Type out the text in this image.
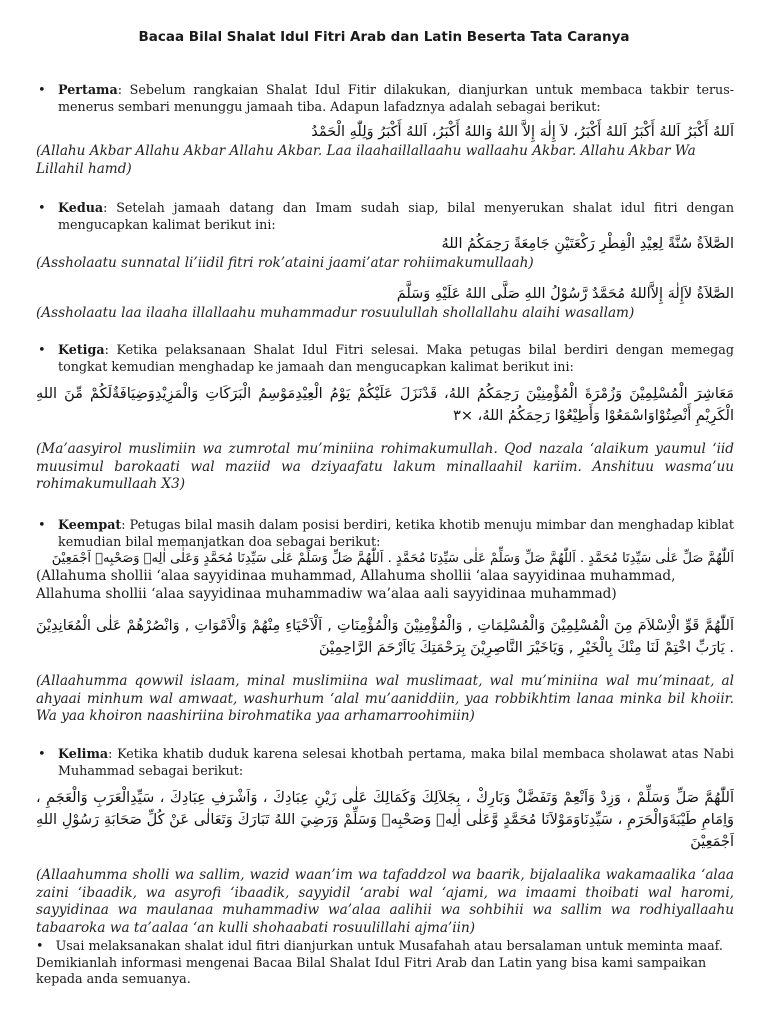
Bacaa Bilal Shalat Idul Fitri Arab dan Latin Beserta Tata Caranya
• Pertama: Sebelum rangkaian Shalat Idul Fitir dilakukan, dianjurkan untuk membaca takbir terus-menerus sembari menunggu jamaah tiba. Adapun lafadznya adalah sebagai berikut:

اَللهُ أَكْبَرُ اَللهُ أَكْبَرُ اَللهُ أَكْبَرُ، لاَ إِلٰهَ إِلاَّ اللهُ وَاللهُ أَكْبَرُ، اَللهُ أَكْبَرُ وَلِلّٰهِ الْحَمْدُ

(Allahu Akbar Allahu Akbar Allahu Akbar. Laa ilaahaillallaahu wallaahu Akbar. Allahu Akbar Wa Lillahil hamd)

• Kedua: Setelah jamaah datang dan Imam sudah siap, bilal menyerukan shalat idul fitri dengan mengucapkan kalimat berikut ini:

الصَّلاَةُ سُنَّةً لِعِيْدِ الْفِطْرِ رَكْعَتَيْنِ جَامِعَةً رَحِمَكُمُ اللهُ

(Assholaatu sunnatal li’iidil fitri rok’ataini jaami’atar rohiimakumullaah)

الصَّلاَةُ لاَإِلٰهَ إِلاَّاللهُ مُحَمَّدٌ رَّسُوْلُ اللهِ صَلَّى اللهُ عَلَيْهِ وَسَلَّمَ

(Assholaatu laa ilaaha illallaahu muhammadur rosuulullah shollallahu alaihi wasallam)

• Ketiga: Ketika pelaksanaan Shalat Idul Fitri selesai. Maka petugas bilal berdiri dengan memegag tongkat kemudian menghadap ke jamaah dan mengucapkan kalimat berikut ini:

مَعَاشِرَ الْمُسْلِمِيْنَ وَزُمْرَةَ الْمُؤْمِنِيْنَ رَحِمَكُمُ اللهُ، قَدْنَزَلَ عَلَيْكُمْ يَوْمُ الْعِيْدِمَوْسِمُ الْبَرَكَاتِ وَالْمَزِيْدِوَضِيَافَةٌلَكُمْ مِّنَ اللهِ الْكَرِيْمِ أَنْصِتُوْاوَاسْمَعُوْا وَأَطِيْعُوْا رَحِمَكُمُ اللهُ، ×٣

(Ma’aasyirol muslimiin wa zumrotal mu’miniina rohimakumullah. Qod nazala ‘alaikum yaumul ‘iid muusimul barokaati wal maziid wa dziyaafatu lakum minallaahil kariim. Anshituu wasma’uu rohimakumullaah X3)

• Keempat: Petugas bilal masih dalam posisi berdiri, ketika khotib menuju mimbar dan menghadap kiblat kemudian bilal memanjatkan doa sebagai berikut:

اَللّٰهُمَّ صَلِّ عَلٰى سَيِّدِنَا مُحَمَّدٍ . اَللّٰهُمَّ صَلِّ وَسَلِّمْ عَلٰى سَيِّدِنَا مُحَمَّدٍ . اَللّٰهُمَّ صَلِّ وَسَلِّمْ عَلٰى سَيِّدِنَا مُحَمَّدٍ وَعَلٰى اٰلِهٖ وَصَحْبِهٖ اَجْمَعِيْنَ

(Allahuma shollii ‘alaa sayyidinaa muhammad, Allahuma shollii ‘alaa sayyidinaa muhammad, Allahuma shollii ‘alaa sayyidinaa muhammadiw wa’alaa aali sayyidinaa muhammad)

اَللّٰهُمَّ قَوِّ الْاِسْلاَمَ مِنَ الْمُسْلِمِيْنَ وَالْمُسْلِمَاتِ , وَالْمُؤْمِنِيْنَ وَالْمُؤْمِنَاتِ , اَلْاَحْيَاءِ مِنْهُمْ وَالْاَمْوَاتِ , وَانْصُرْهُمْ عَلٰى الْمُعَانِدِيْنَ . يَارَبِّ اخْتِمْ لَنَا مِنْكَ بِالْخَيْرِ , وَيَاخَيْرَ النَّاصِرِيْنَ بِرَحْمَتِكَ يَااَرْحَمَ الرَّاحِمِيْنَ

(Allaahumma qowwil islaam, minal muslimiina wal muslimaat, wal mu’miniina wal mu’minaat, al ahyaai minhum wal amwaat, washurhum ‘alal mu’aaniddiin, yaa robbikhtim lanaa minka bil khoiir. Wa yaa khoiron naashiriina birohmatika yaa arhamarroohimiin)

• Kelima: Ketika khatib duduk karena selesai khotbah pertama, maka bilal membaca sholawat atas Nabi Muhammad sebagai berikut:

اَللّٰهُمَّ صَلِّ وَسَلِّمْ ، وَزِدْ وَاَنْعِمْ وَتَفَضَّلْ وَبَارِكْ ، بِجَلاَلِكَ وَكَمَالِكَ عَلٰى زَيْنِ عِبَادِكَ ، وَاَشْرَفِ عِبَادِكَ ، سَيِّدِالْعَرَبِ وَالْعَجَمِ ، وَاِمَامِ طَيْبَةَوَالْحَرَمِ ، سَيِّدِنَاوَمَوْلاَنَا مُحَمَّدٍ وَّعَلٰى اٰلِهٖ وَصَحْبِهٖ وَسَلِّمْ وَرَضِيَ اللهُ تَبَارَكَ وَتَعَالٰى عَنْ كُلِّ صَحَابَةِ رَسُوْلِ اللهِ اَجْمَعِيْنَ

(Allaahumma sholli wa sallim, wazid waan’im wa tafaddzol wa baarik, bijalaalika wakamaalika ‘alaa zaini ‘ibaadik, wa asyrofi ‘ibaadik, sayyidil ‘arabi wal ‘ajami, wa imaami thoibati wal haromi, sayyidinaa wa maulanaa muhammadiw wa’alaa aalihii wa sohbihii wa sallim wa rodhiyallaahu tabaaroka wa ta’aalaa ‘an kulli shohaabati rosuulillahi ajma’iin)

• Usai melaksanakan shalat idul fitri dianjurkan untuk Musafahah atau bersalaman untuk meminta maaf.

Demikianlah informasi mengenai Bacaa Bilal Shalat Idul Fitri Arab dan Latin yang bisa kami sampaikan kepada anda semuanya.
